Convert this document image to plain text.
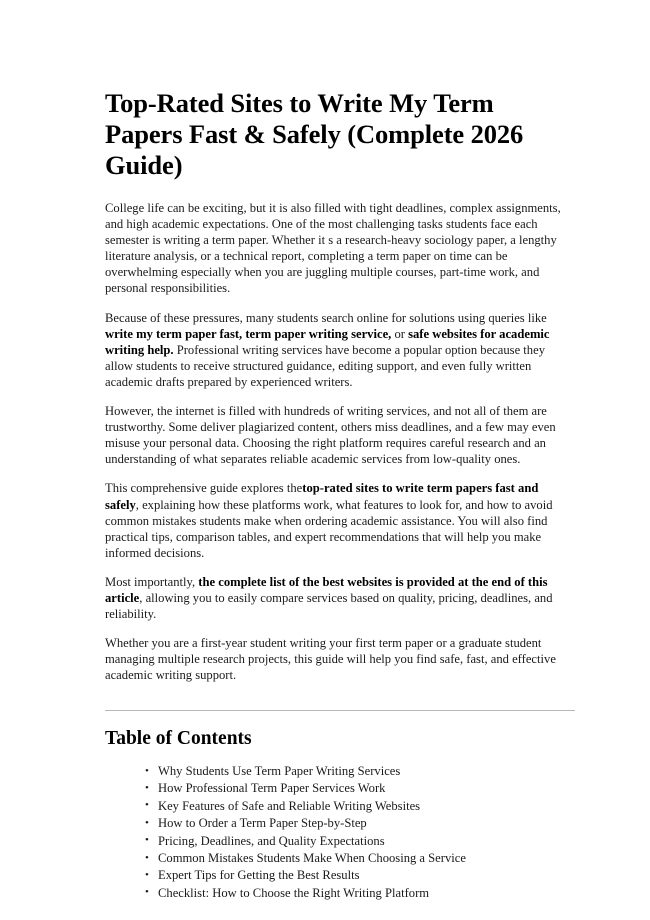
Top-Rated Sites to Write My Term Papers Fast & Safely (Complete 2026 Guide)

College life can be exciting, but it is also filled with tight deadlines, complex assignments, and high academic expectations. One of the most challenging tasks students face each semester is writing a term paper. Whether it s a research-heavy sociology paper, a lengthy literature analysis, or a technical report, completing a term paper on time can be overwhelming especially when you are juggling multiple courses, part-time work, and personal responsibilities.

Because of these pressures, many students search online for solutions using queries like write my term paper fast, term paper writing service, or safe websites for academic writing help. Professional writing services have become a popular option because they allow students to receive structured guidance, editing support, and even fully written academic drafts prepared by experienced writers.

However, the internet is filled with hundreds of writing services, and not all of them are trustworthy. Some deliver plagiarized content, others miss deadlines, and a few may even misuse your personal data. Choosing the right platform requires careful research and an understanding of what separates reliable academic services from low-quality ones.

This comprehensive guide explores thetop-rated sites to write term papers fast and safely, explaining how these platforms work, what features to look for, and how to avoid common mistakes students make when ordering academic assistance. You will also find practical tips, comparison tables, and expert recommendations that will help you make informed decisions.

Most importantly, the complete list of the best websites is provided at the end of this article, allowing you to easily compare services based on quality, pricing, deadlines, and reliability.

Whether you are a first-year student writing your first term paper or a graduate student managing multiple research projects, this guide will help you find safe, fast, and effective academic writing support.

Table of Contents
• Why Students Use Term Paper Writing Services
• How Professional Term Paper Services Work
• Key Features of Safe and Reliable Writing Websites
• How to Order a Term Paper Step-by-Step
• Pricing, Deadlines, and Quality Expectations
• Common Mistakes Students Make When Choosing a Service
• Expert Tips for Getting the Best Results
• Checklist: How to Choose the Right Writing Platform
